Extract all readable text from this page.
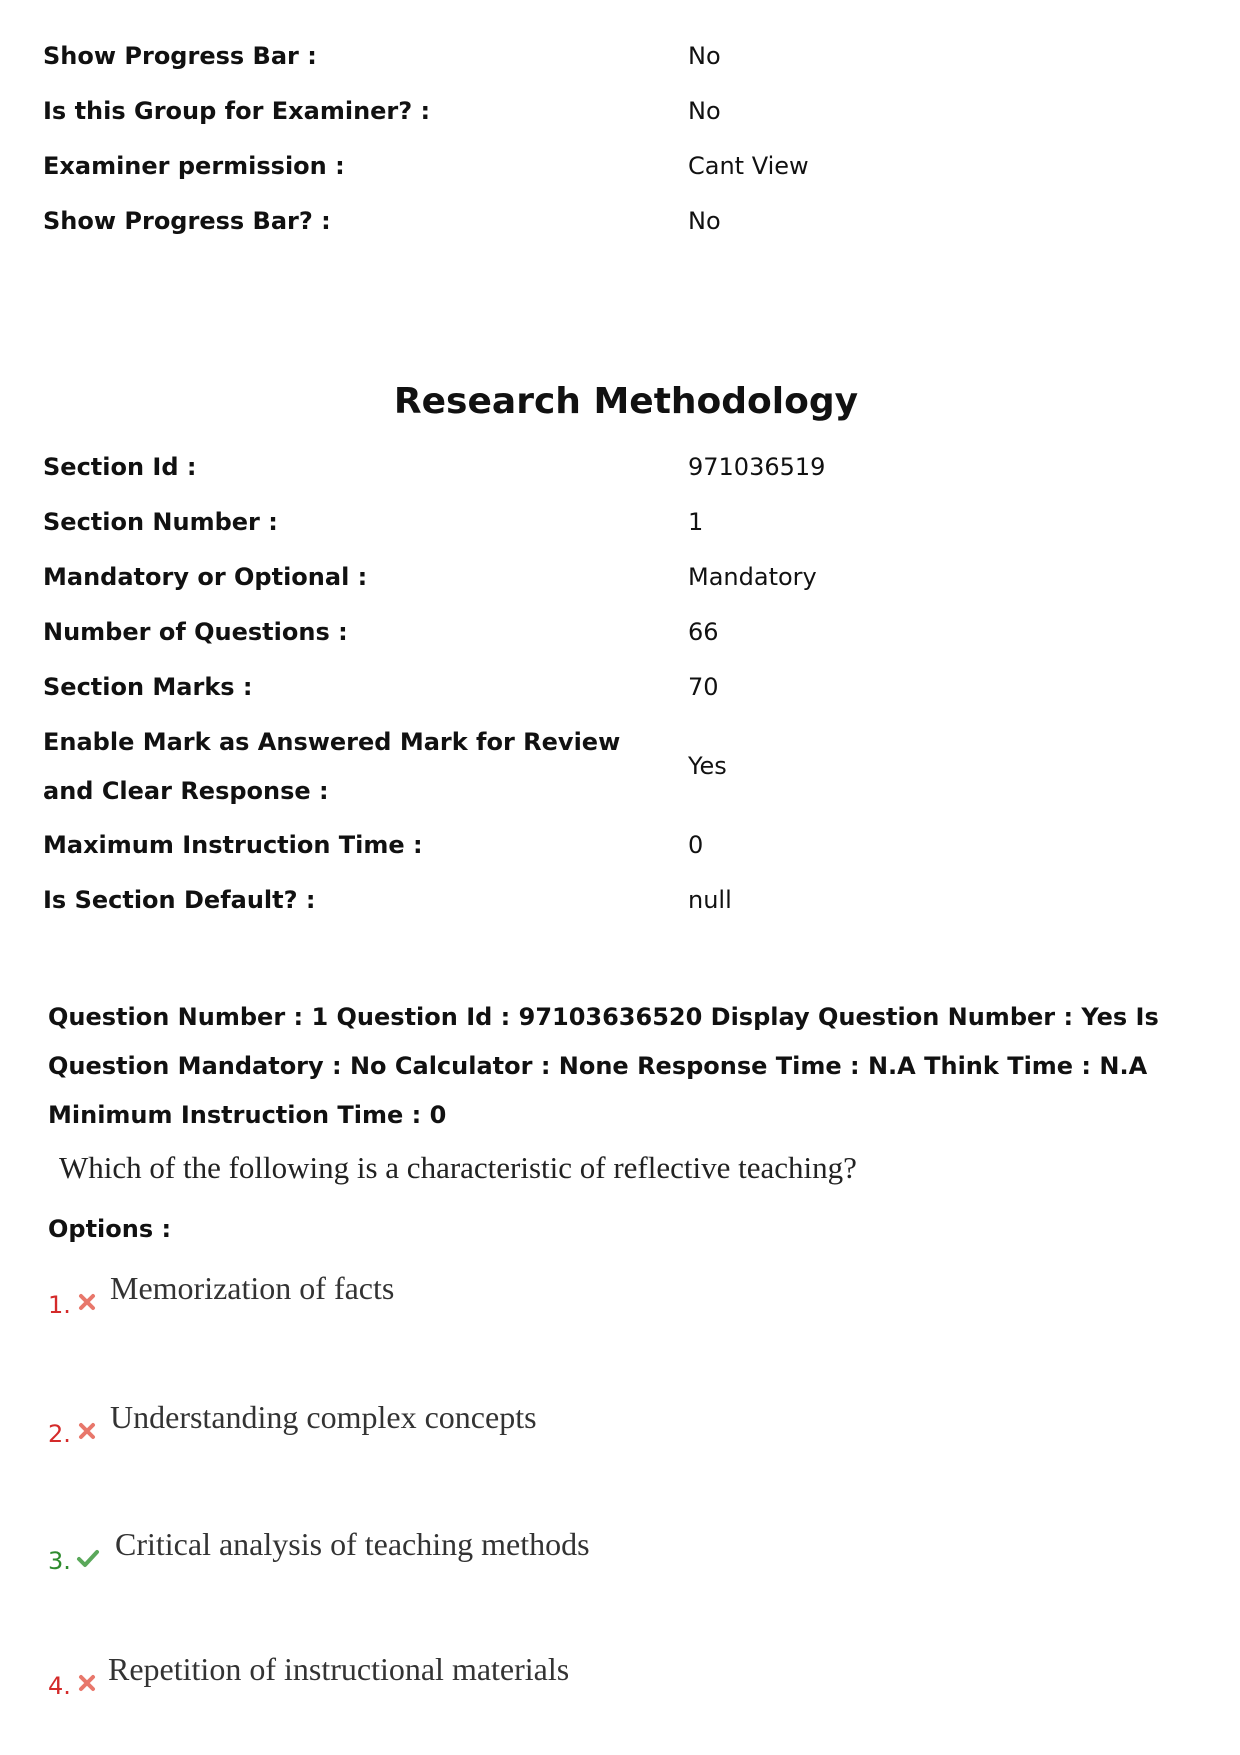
Show Progress Bar :	No
Is this Group for Examiner? :	No
Examiner permission :	Cant View
Show Progress Bar? :	No
Research Methodology
Section Id :	971036519
Section Number :	1
Mandatory or Optional :	Mandatory
Number of Questions :	66
Section Marks :	70
Enable Mark as Answered Mark for Review and Clear Response :
Yes
Maximum Instruction Time :	0
Is Section Default? :	null
Question Number : 1 Question Id : 97103636520 Display Question Number : Yes Is Question Mandatory : No Calculator : None Response Time : N.A Think Time : N.A Minimum Instruction Time : 0
Which of the following is a characteristic of reflective teaching?
Options :
1. Memorization of facts
2. Understanding complex concepts
3. Critical analysis of teaching methods
4. Repetition of instructional materials
